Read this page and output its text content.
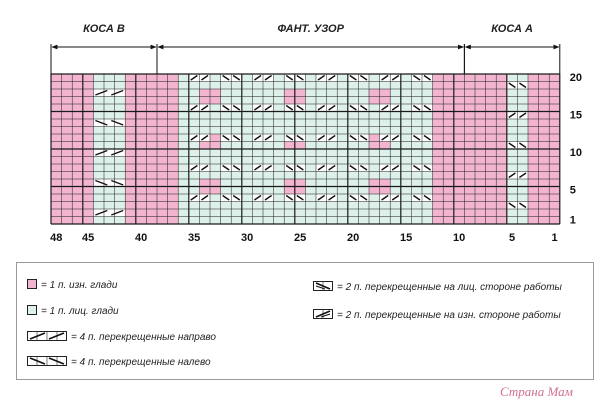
КОСА В	ФАНТ. УЗОР	КОСА А
48 45	40	35	30	25	20	15	10	5	1
20
15
10
5
1
= 1 п. изн. глади
= 1 п. лиц. глади
= 4 п. перекрещенные направо
= 4 п. перекрещенные налево
= 2 п. перекрещенные на лиц. стороне работы
= 2 п. перекрещенные на изн. стороне работы
Страна Мам
